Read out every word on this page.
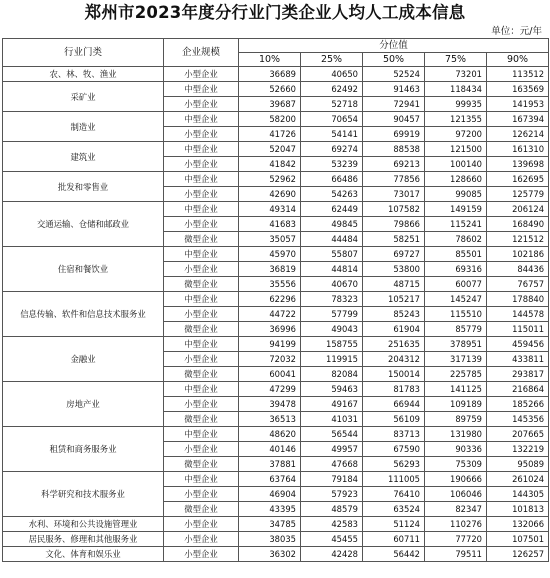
郑州市2023年度分行业门类企业人均人工成本信息
单位：元/年
行业门类	企业规模	分位值				
		10%	25%	50%	75%	90%
农、林、牧、渔业	小型企业	36689	40650	52524	73201	113512
采矿业	中型企业	52660	62492	91463	118434	163569
	小型企业	39687	52718	72941	99935	141953
制造业	中型企业	58200	70654	90457	121355	167394
	小型企业	41726	54141	69919	97200	126214
建筑业	中型企业	52047	69274	88538	121500	161310
	小型企业	41842	53239	69213	100140	139698
批发和零售业	中型企业	52962	66486	77856	128660	162695
	小型企业	42690	54263	73017	99085	125779
交通运输、仓储和邮政业	中型企业	49314	62449	107582	149159	206124
	小型企业	41683	49845	79866	115241	168490
	微型企业	35057	44484	58251	78602	121512
住宿和餐饮业	中型企业	45970	55807	69727	85501	102186
	小型企业	36819	44814	53800	69316	84436
	微型企业	35556	40670	48715	60077	76757
信息传输、软件和信息技术服务业	中型企业	62296	78323	105217	145247	178840
	小型企业	44722	57799	85243	115510	144578
	微型企业	36996	49043	61904	85779	115011
金融业	中型企业	94199	158755	251635	378951	459456
	小型企业	72032	119915	204312	317139	433811
	微型企业	60041	82084	150014	225785	293817
房地产业	中型企业	47299	59463	81783	141125	216864
	小型企业	39478	49167	66944	109189	185266
	微型企业	36513	41031	56109	89759	145356
租赁和商务服务业	中型企业	48620	56544	83713	131980	207665
	小型企业	40146	49957	67590	90336	132219
	微型企业	37881	47668	56293	75309	95089
科学研究和技术服务业	中型企业	63764	79184	111005	190666	261024
	小型企业	46904	57923	76410	106046	144305
	微型企业	43395	48579	63524	82347	101813
水利、环境和公共设施管理业	小型企业	34785	42583	51124	110276	132066
居民服务、修理和其他服务业	小型企业	38035	45455	60711	77720	107501
文化、体育和娱乐业	小型企业	36302	42428	56442	79511	126257
